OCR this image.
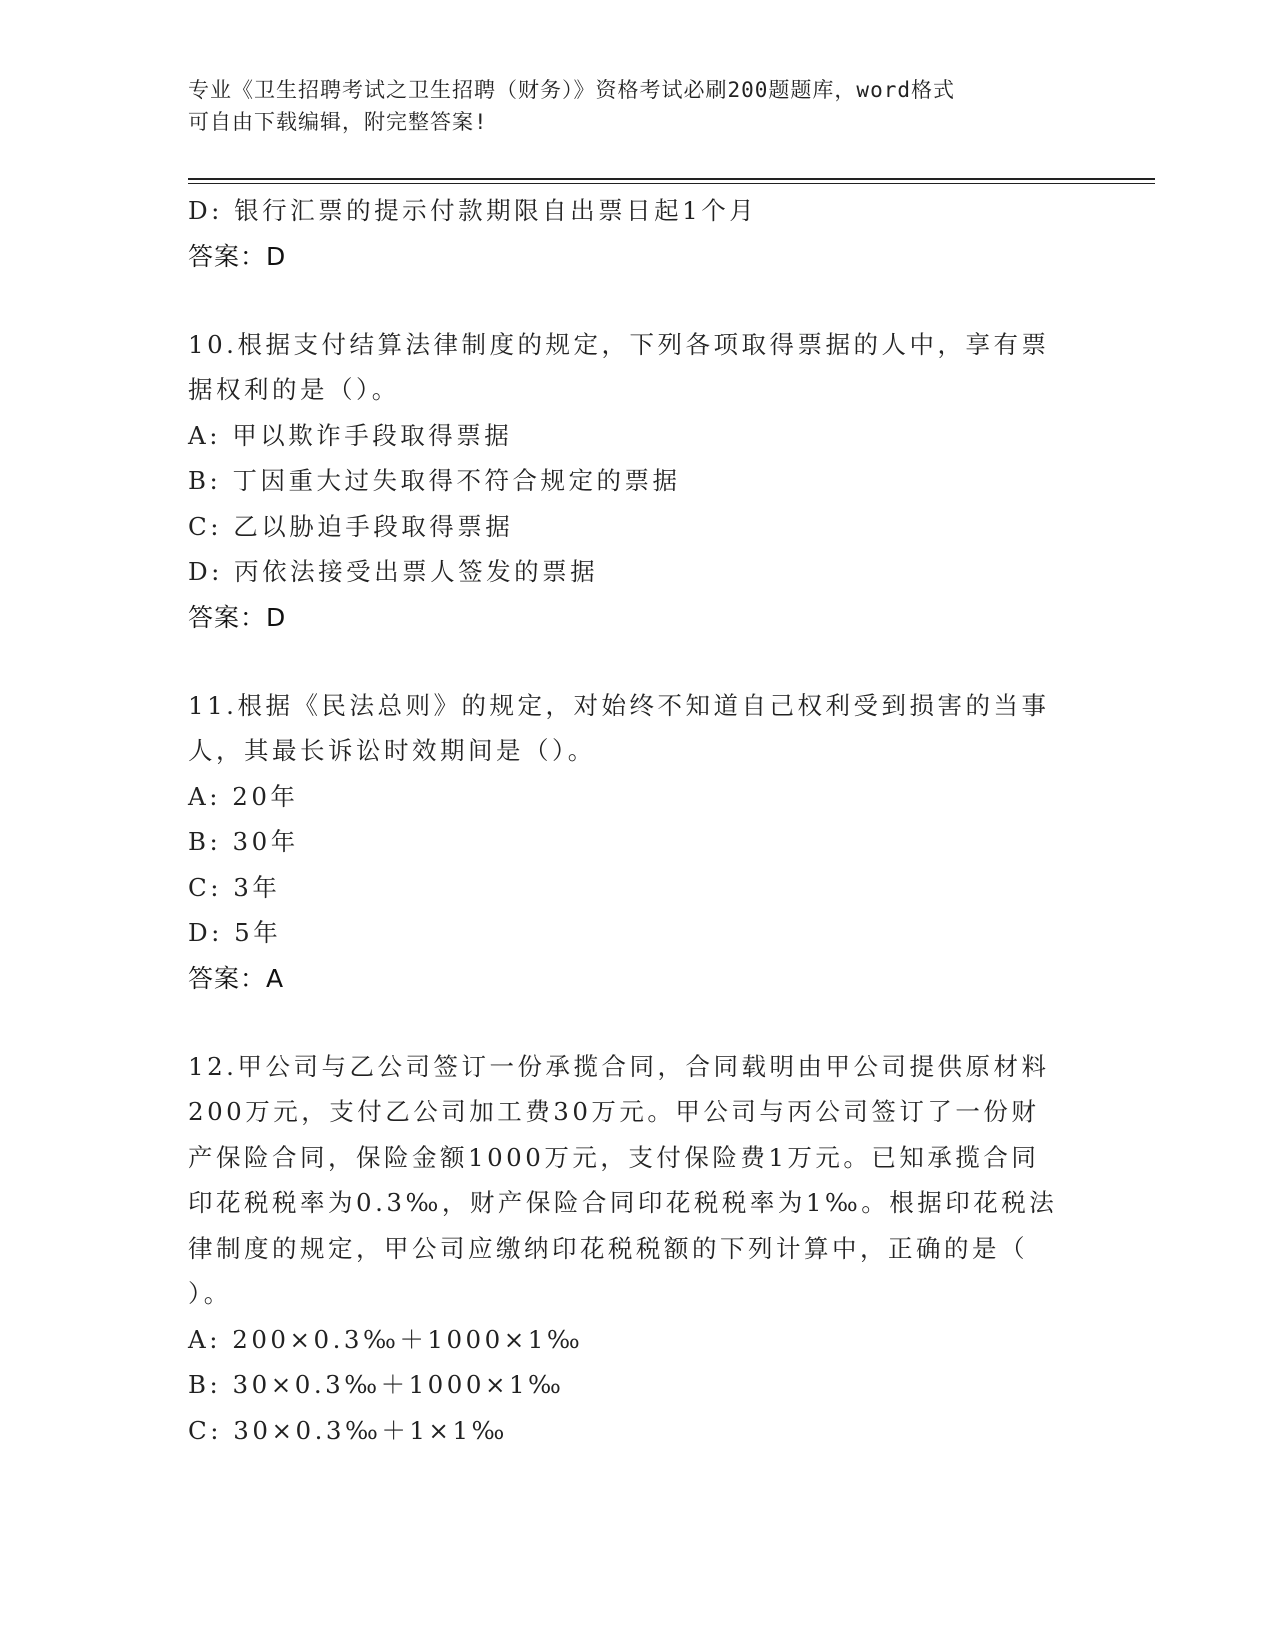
专业《卫生招聘考试之卫生招聘（财务）》资格考试必刷200题题库，word格式
可自由下载编辑，附完整答案!
D: 银行汇票的提示付款期限自出票日起1个月
答案：D
10.根据支付结算法律制度的规定，下列各项取得票据的人中，享有票
据权利的是（）。
A: 甲以欺诈手段取得票据
B: 丁因重大过失取得不符合规定的票据
C: 乙以胁迫手段取得票据
D: 丙依法接受出票人签发的票据
答案：D
11.根据《民法总则》的规定，对始终不知道自己权利受到损害的当事
人，其最长诉讼时效期间是（）。
A: 20年
B: 30年
C: 3年
D: 5年
答案：A
12.甲公司与乙公司签订一份承揽合同，合同载明由甲公司提供原材料
200万元，支付乙公司加工费30万元。甲公司与丙公司签订了一份财
产保险合同，保险金额1000万元，支付保险费1万元。已知承揽合同
印花税税率为0.3‰，财产保险合同印花税税率为1‰。根据印花税法
律制度的规定，甲公司应缴纳印花税税额的下列计算中，正确的是（
）。
A: 200×0.3‰＋1000×1‰
B: 30×0.3‰＋1000×1‰
C: 30×0.3‰＋1×1‰
